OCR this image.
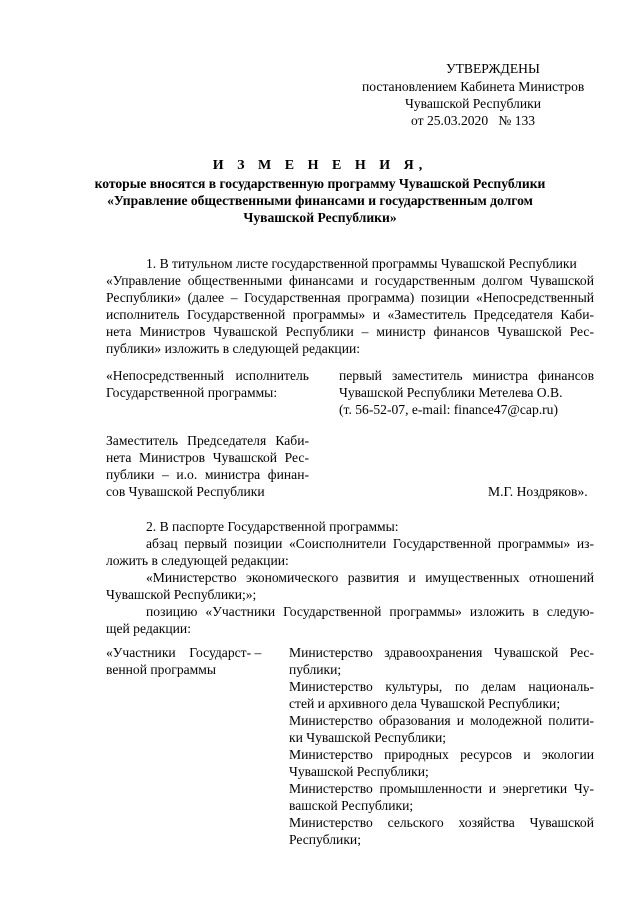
УТВЕРЖДЕНЫ
постановлением Кабинета Министров
Чувашской Республики
от 25.03.2020   № 133
И З М Е Н Е Н И Я,
которые вносятся в государственную программу Чувашской Республики
«Управление общественными финансами и государственным долгом
Чувашской Республики»
1. В титульном листе государственной программы Чувашской Республики
«Управление общественными финансами и государственным долгом Чувашской
Республики» (далее – Государственная программа) позиции «Непосредственный
исполнитель Государственной программы» и «Заместитель Председателя Каби-
нета Министров Чувашской Республики – министр финансов Чувашской Рес-
публики» изложить в следующей редакции:
«Непосредственный исполнитель
Государственной программы:
первый заместитель министра финансов
Чувашской Республики Метелева О.В.
(т. 56-52-07, e-mail: finance47@cap.ru)
Заместитель Председателя Каби-
нета Министров Чувашской Рес-
публики – и.о. министра финан-
сов Чувашской Республики	М.Г. Ноздряков».
2. В паспорте Государственной программы:
абзац первый позиции «Соисполнители Государственной программы» из-
ложить в следующей редакции:
«Министерство экономического развития и имущественных отношений
Чувашской Республики;»;
позицию «Участники Государственной программы» изложить в следую-
щей редакции:
«Участники    Государст- –
венной программы
Министерство здравоохранения Чувашской Рес-
публики;
Министерство культуры, по делам националь-
стей и архивного дела Чувашской Республики;
Министерство образования и молодежной полити-
ки Чувашской Республики;
Министерство природных ресурсов и экологии
Чувашской Республики;
Министерство промышленности и энергетики Чу-
вашской Республики;
Министерство сельского хозяйства Чувашской
Республики;
